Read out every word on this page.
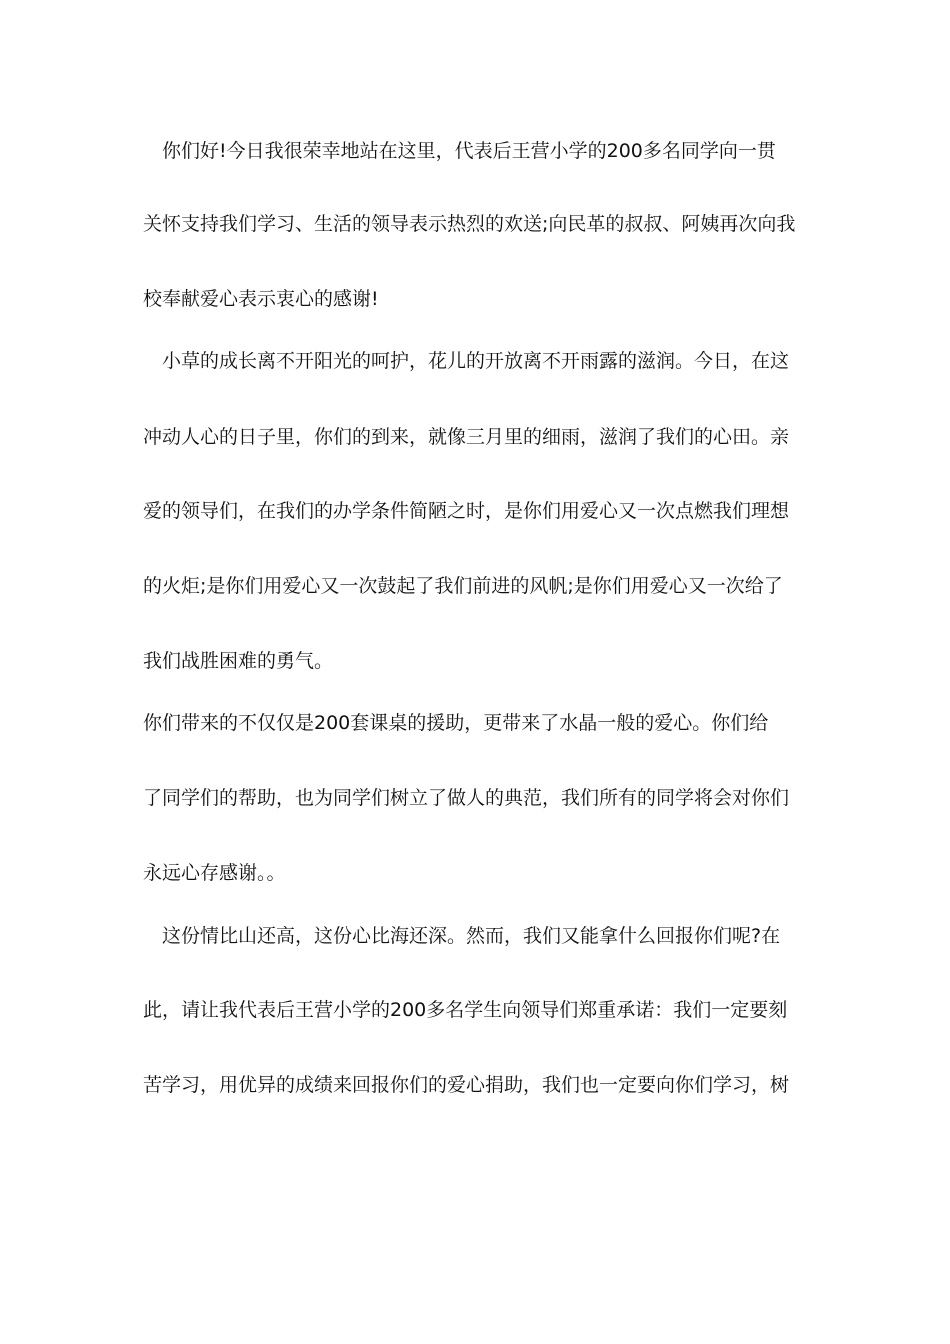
　你们好!今日我很荣幸地站在这里，代表后王营小学的200多名同学向一贯
关怀支持我们学习、生活的领导表示热烈的欢送;向民革的叔叔、阿姨再次向我
校奉献爱心表示衷心的感谢!
　小草的成长离不开阳光的呵护，花儿的开放离不开雨露的滋润。今日，在这
冲动人心的日子里，你们的到来，就像三月里的细雨，滋润了我们的心田。亲
爱的领导们，在我们的办学条件简陋之时，是你们用爱心又一次点燃我们理想
的火炬;是你们用爱心又一次鼓起了我们前进的风帆;是你们用爱心又一次给了
我们战胜困难的勇气。
你们带来的不仅仅是200套课桌的援助，更带来了水晶一般的爱心。你们给
了同学们的帮助，也为同学们树立了做人的典范，我们所有的同学将会对你们
永远心存感谢。。
　这份情比山还高，这份心比海还深。然而，我们又能拿什么回报你们呢?在
此，请让我代表后王营小学的200多名学生向领导们郑重承诺：我们一定要刻
苦学习，用优异的成绩来回报你们的爱心捐助，我们也一定要向你们学习，树
